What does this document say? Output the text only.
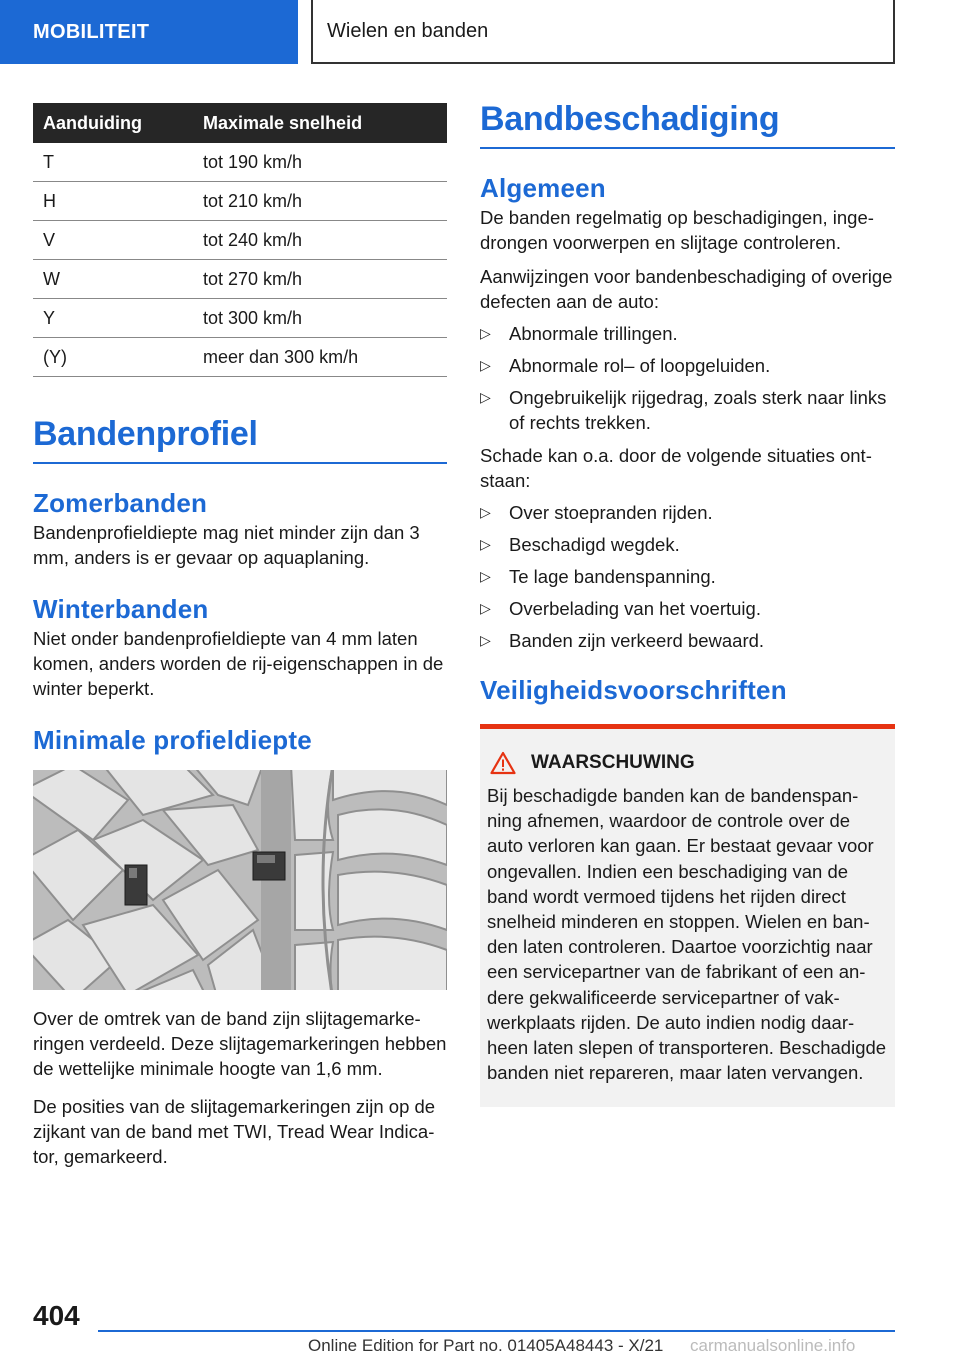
MOBILITEIT	Wielen en banden
Aanduiding	Maximale snelheid
T	tot 190 km/h
H	tot 210 km/h
V	tot 240 km/h
W	tot 270 km/h
Y	tot 300 km/h
(Y)	meer dan 300 km/h
Bandenprofiel
Zomerbanden

Bandenprofieldiepte mag niet minder zijn dan 3 mm, anders is er gevaar op aquaplaning.

Winterbanden

Niet onder bandenprofieldiepte van 4 mm laten komen, anders worden de rij-eigenschappen in de winter beperkt.

Minimale profieldiepte

Over de omtrek van de band zijn slijtagemarkeringen verdeeld. Deze slijtagemarkeringen hebben de wettelijke minimale hoogte van 1,6 mm.

De posities van de slijtagemarkeringen zijn op de zijkant van de band met TWI, Tread Wear Indicator, gemarkeerd.

Bandbeschadiging
Algemeen

De banden regelmatig op beschadigingen, ingedrongen voorwerpen en slijtage controleren.

Aanwijzingen voor bandenbeschadiging of overige defecten aan de auto:

▷ Abnormale trillingen.
▷ Abnormale rol– of loopgeluiden.
▷ Ongebruikelijk rijgedrag, zoals sterk naar links of rechts trekken.

Schade kan o.a. door de volgende situaties ontstaan:

▷ Over stoepranden rijden.
▷ Beschadigd wegdek.
▷ Te lage bandenspanning.
▷ Overbelading van het voertuig.
▷ Banden zijn verkeerd bewaard.
Veiligheidsvoorschriften
WAARSCHUWING

Bij beschadigde banden kan de bandenspanning afnemen, waardoor de controle over de auto verloren kan gaan. Er bestaat gevaar voor ongevallen. Indien een beschadiging van de band wordt vermoed tijdens het rijden direct snelheid minderen en stoppen. Wielen en banden laten controleren. Daartoe voorzichtig naar een servicepartner van de fabrikant of een andere gekwalificeerde servicepartner of vakwerkplaats rijden. De auto indien nodig daarheen laten slepen of transporteren. Beschadigde banden niet repareren, maar laten vervangen.

404
Online Edition for Part no. 01405A48443 - X/21 carmanualsonline.info
